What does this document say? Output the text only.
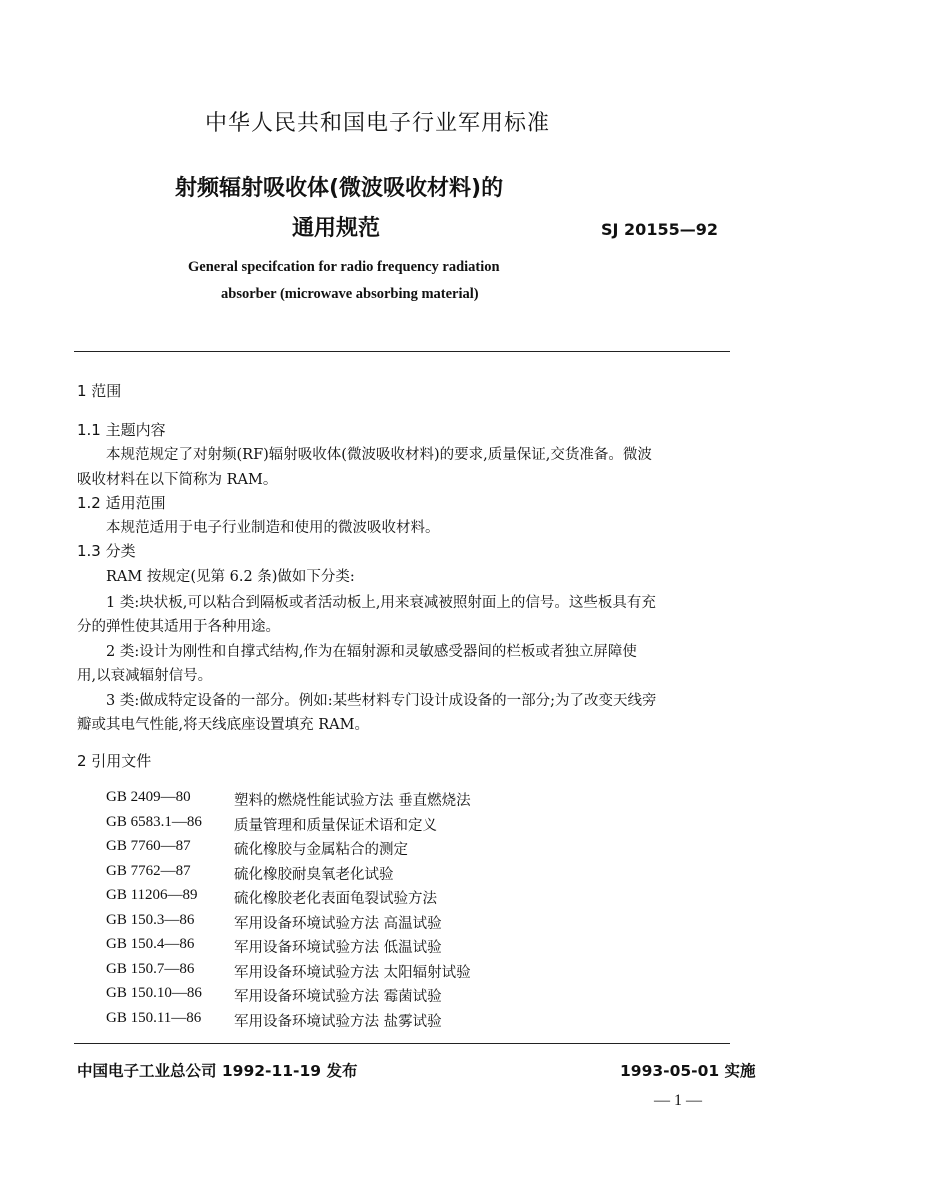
中华人民共和国电子行业军用标准
射频辐射吸收体(微波吸收材料)的
通用规范	SJ 20155—92
General specifcation for radio frequency radiation
absorber (microwave absorbing material)
1 范围
1.1 主题内容
本规范规定了对射频(RF)辐射吸收体(微波吸收材料)的要求,质量保证,交货准备。微波
吸收材料在以下简称为 RAM。
1.2 适用范围
本规范适用于电子行业制造和使用的微波吸收材料。
1.3 分类
RAM 按规定(见第 6.2 条)做如下分类:
1 类:块状板,可以粘合到隔板或者活动板上,用来衰减被照射面上的信号。这些板具有充
分的弹性使其适用于各种用途。
2 类:设计为刚性和自撑式结构,作为在辐射源和灵敏感受器间的栏板或者独立屏障使
用,以衰减辐射信号。
3 类:做成特定设备的一部分。例如:某些材料专门设计成设备的一部分;为了改变天线旁
瓣或其电气性能,将天线底座设置填充 RAM。
2 引用文件
GB 2409—80	塑料的燃烧性能试验方法 垂直燃烧法
GB 6583.1—86 质量管理和质量保证术语和定义
GB 7760—87	硫化橡胶与金属粘合的测定
GB 7762—87	硫化橡胶耐臭氧老化试验
GB 11206—89	硫化橡胶老化表面龟裂试验方法
GB 150.3—86	军用设备环境试验方法 高温试验
GB 150.4—86	军用设备环境试验方法 低温试验
GB 150.7—86	军用设备环境试验方法 太阳辐射试验
GB 150.10—86 军用设备环境试验方法 霉菌试验
GB 150.11—86 军用设备环境试验方法 盐雾试验
中国电子工业总公司 1992-11-19 发布	1993-05-01 实施
— 1 —
